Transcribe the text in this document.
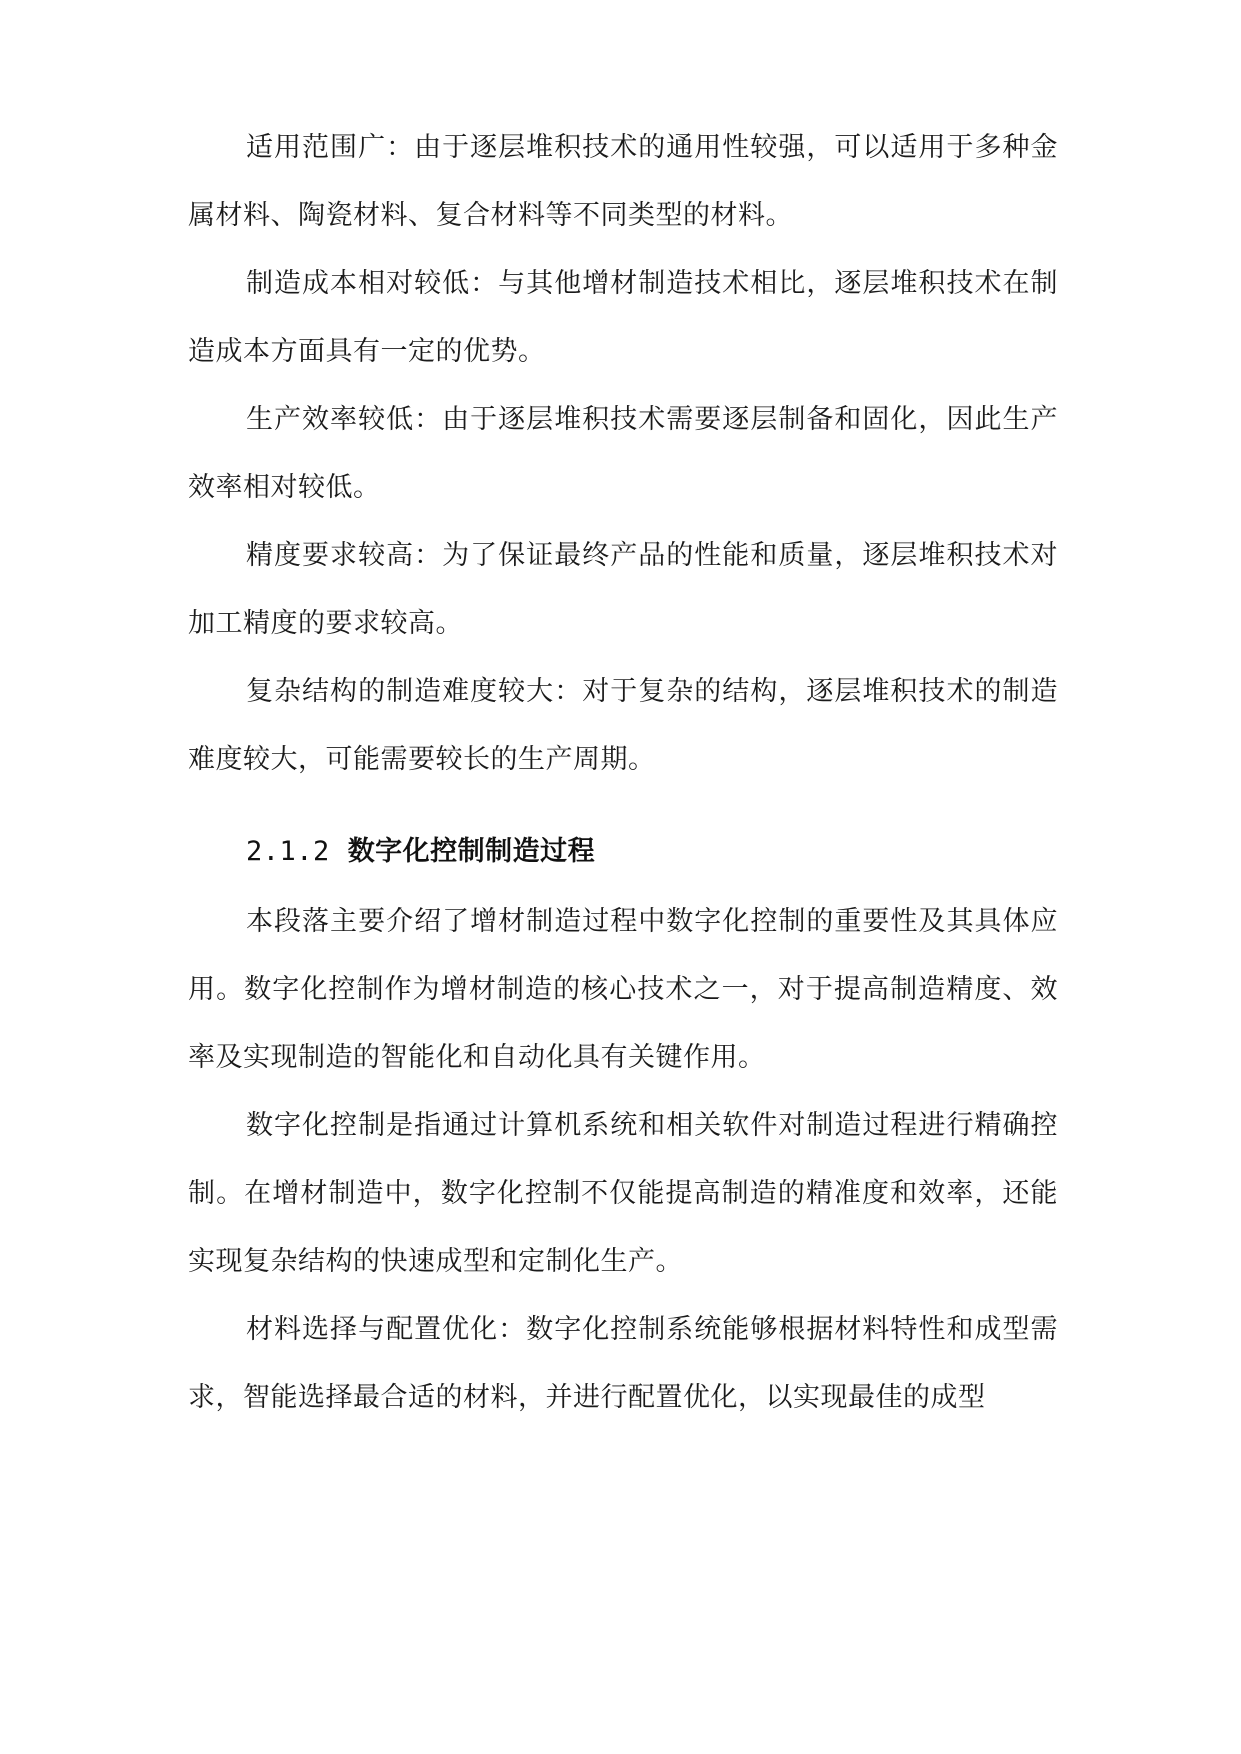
适用范围广：由于逐层堆积技术的通用性较强，可以适用于多种金属材料、陶瓷材料、复合材料等不同类型的材料。

制造成本相对较低：与其他增材制造技术相比，逐层堆积技术在制造成本方面具有一定的优势。

生产效率较低：由于逐层堆积技术需要逐层制备和固化，因此生产效率相对较低。

精度要求较高：为了保证最终产品的性能和质量，逐层堆积技术对加工精度的要求较高。

复杂结构的制造难度较大：对于复杂的结构，逐层堆积技术的制造难度较大，可能需要较长的生产周期。

2.1.2 数字化控制制造过程

本段落主要介绍了增材制造过程中数字化控制的重要性及其具体应用。数字化控制作为增材制造的核心技术之一，对于提高制造精度、效率及实现制造的智能化和自动化具有关键作用。

数字化控制是指通过计算机系统和相关软件对制造过程进行精确控制。在增材制造中，数字化控制不仅能提高制造的精准度和效率，还能实现复杂结构的快速成型和定制化生产。

材料选择与配置优化：数字化控制系统能够根据材料特性和成型需求，智能选择最合适的材料，并进行配置优化，以实现最佳的成型
